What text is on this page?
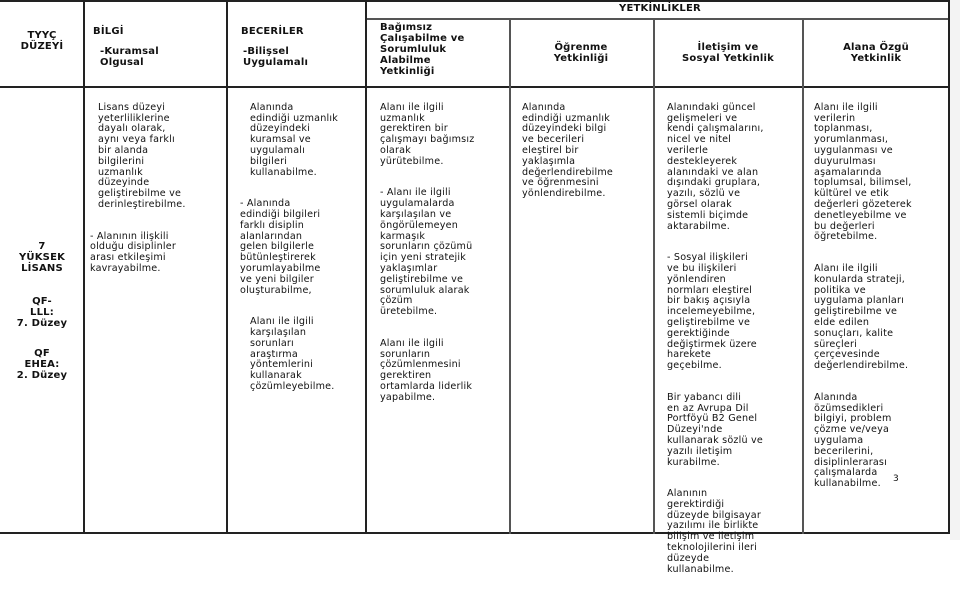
TYYÇ
DÜZEYİ
BİLGİ
-Kuramsal
Olgusal
BECERİLER
-Bilişsel
Uygulamalı
YETKİNLİKLER
Bağımsız
Çalışabilme ve
Sorumluluk
Alabilme
Yetkinliği
Öğrenme
Yetkinliği
İletişim ve
Sosyal Yetkinlik
Alana Özgü
Yetkinlik
7
YÜKSEK
LİSANS
QF-
LLL:
7. Düzey
QF
EHEA:
2. Düzey

Lisans düzeyi
yeterliliklerine
dayalı olarak,
aynı veya farklı
bir alanda
bilgilerini
uzmanlık
düzeyinde
geliştirebilme ve
derinleştirebilme.

- Alanının ilişkili
olduğu disiplinler
arası etkileşimi
kavrayabilme.

Alanında
edindiği uzmanlık
düzeyindeki
kuramsal ve
uygulamalı
bilgileri
kullanabilme.

- Alanında
edindiği bilgileri
farklı disiplin
alanlarından
gelen bilgilerle
bütünleştirerek
yorumlayabilme
ve yeni bilgiler
oluşturabilme,

Alanı ile ilgili
karşılaşılan
sorunları
araştırma
yöntemlerini
kullanarak
çözümleyebilme.

Alanı ile ilgili
uzmanlık
gerektiren bir
çalışmayı bağımsız
olarak
yürütebilme.

- Alanı ile ilgili
uygulamalarda
karşılaşılan ve
öngörülemeyen
karmaşık
sorunların çözümü
için yeni stratejik
yaklaşımlar
geliştirebilme ve
sorumluluk alarak
çözüm
üretebilme.

Alanı ile ilgili
sorunların
çözümlenmesini
gerektiren
ortamlarda liderlik
yapabilme.

Alanında
edindiği uzmanlık
düzeyindeki bilgi
ve becerileri
eleştirel bir
yaklaşımla
değerlendirebilme
ve öğrenmesini
yönlendirebilme.

Alanındaki güncel
gelişmeleri ve
kendi çalışmalarını,
nicel ve nitel
verilerle
destekleyerek
alanındaki ve alan
dışındaki gruplara,
yazılı, sözlü ve
görsel olarak
sistemli biçimde
aktarabilme.

- Sosyal ilişkileri
ve bu ilişkileri
yönlendiren
normları eleştirel
bir bakış açısıyla
incelemeyebilme,
geliştirebilme ve
gerektiğinde
değiştirmek üzere
harekete
geçebilme.

Bir yabancı dili
en az Avrupa Dil
Portföyü B2 Genel
Düzeyi'nde
kullanarak sözlü ve
yazılı iletişim
kurabilme.

Alanının
gerektirdiği
düzeyde bilgisayar
yazılımı ile birlikte
bilişim ve iletişim
teknolojilerini ileri
düzeyde
kullanabilme.

Alanı ile ilgili
verilerin
toplanması,
yorumlanması,
uygulanması ve
duyurulması
aşamalarında
toplumsal, bilimsel,
kültürel ve etik
değerleri gözeterek
denetleyebilme ve
bu değerleri
öğretebilme.

Alanı ile ilgili
konularda strateji,
politika ve
uygulama planları
geliştirebilme ve
elde edilen
sonuçları, kalite
süreçleri
çerçevesinde
değerlendirebilme.

Alanında
özümsedikleri
bilgiyi, problem
çözme ve/veya
uygulama
becerilerini,
disiplinlerarası
çalışmalarda
kullanabilme.	3
